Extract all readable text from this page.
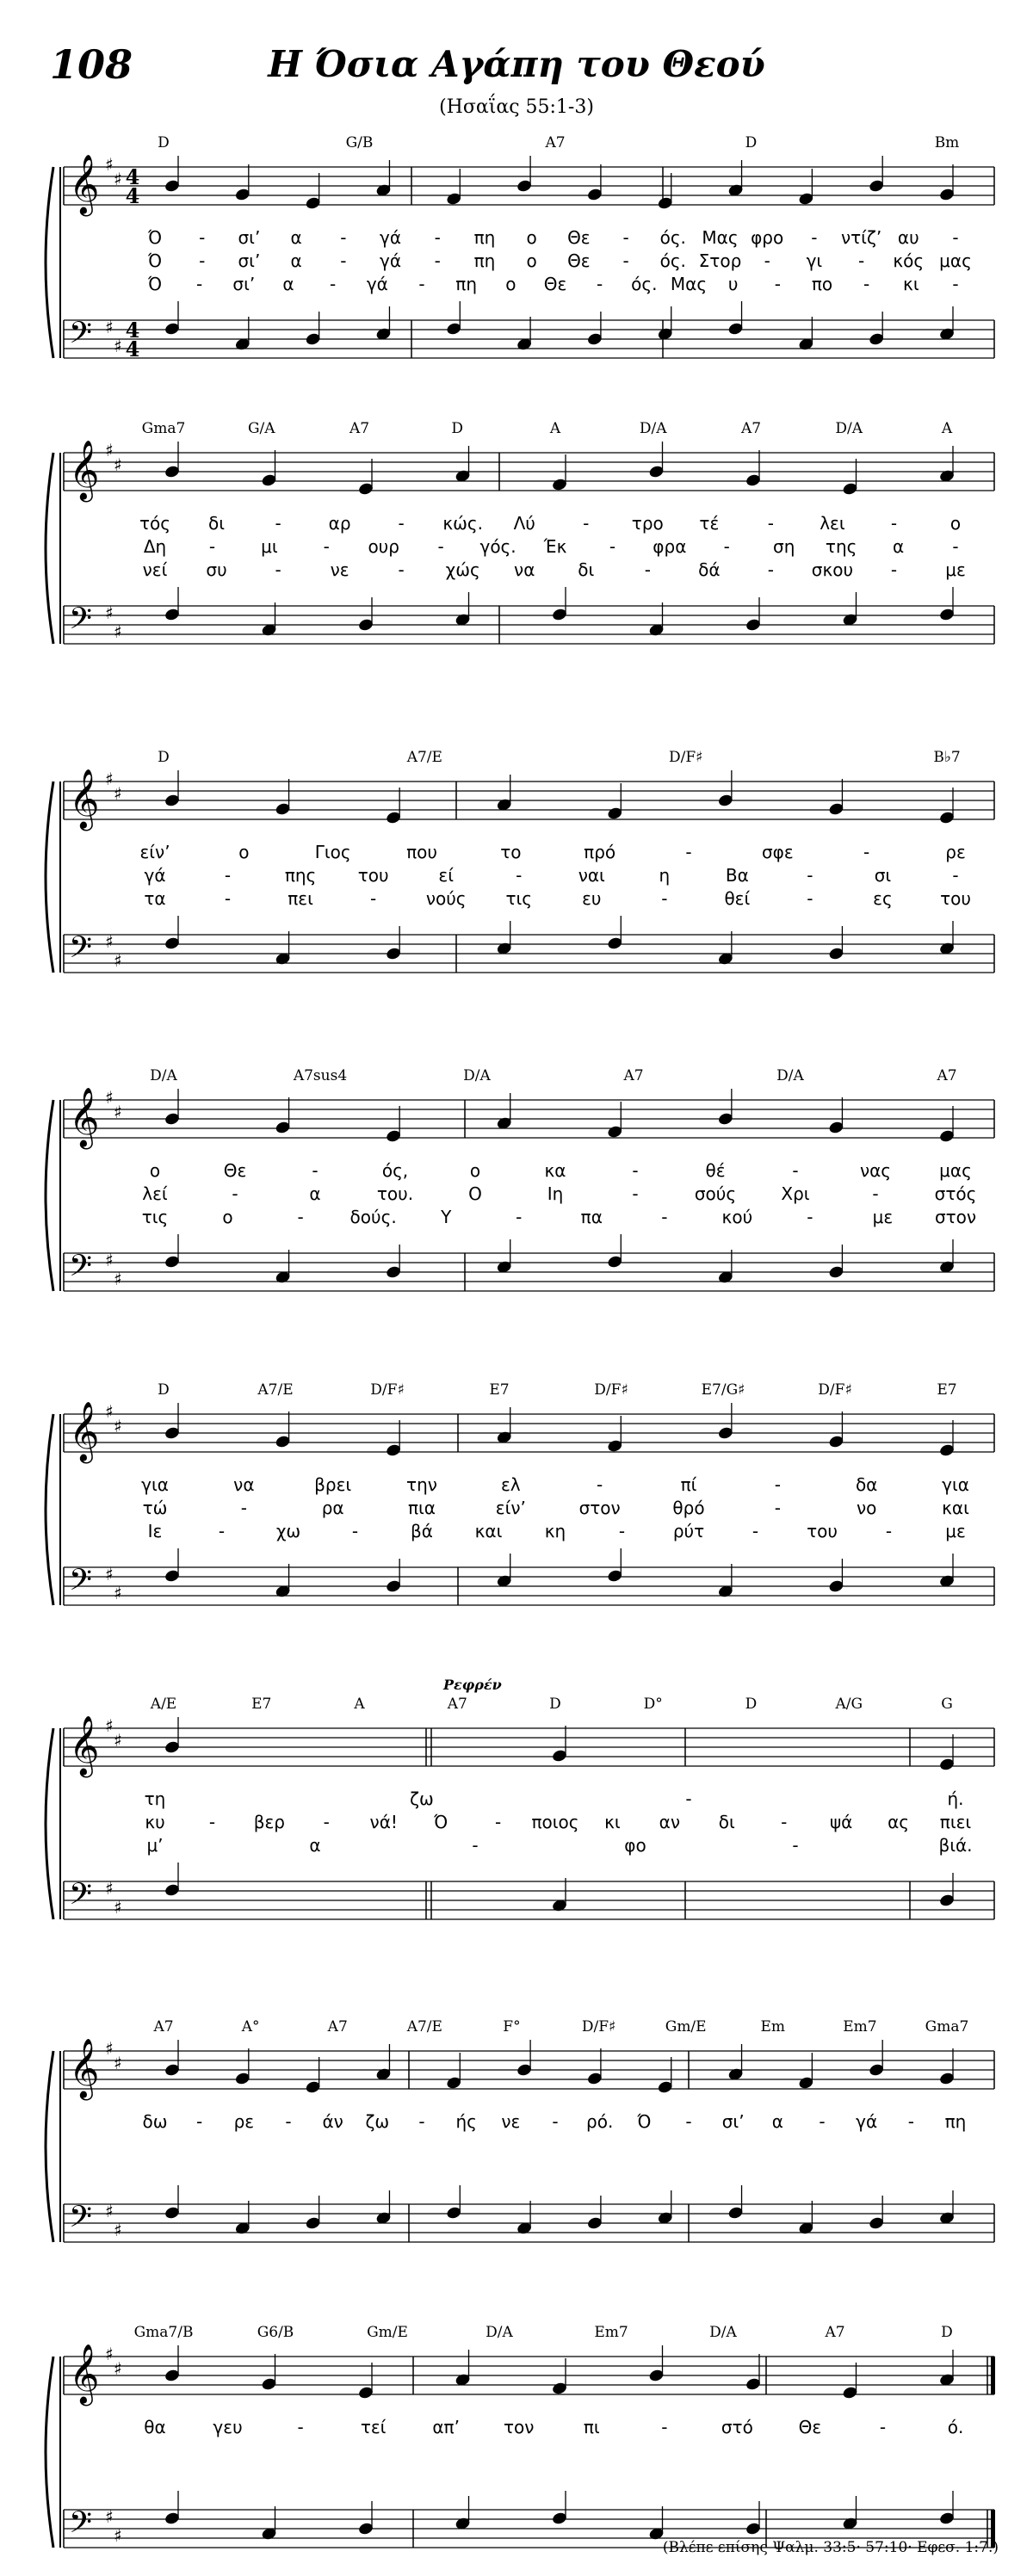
108	Η Όσια Αγάπη του Θεού
(Ησαΐας 55:1-3)
𝄞 ♯
♯ 4
4
𝄢 ♯
♯
4
4
D	G/B	A7	D	Bm
Ό - σι’ α - γά - πη ο Θε - ός. Μας φρο - ντίζ’ αυ -
Ό - σι’ α - γά - πη ο Θε - ός. Στορ - γι - κός μας
Ό - σι’ α - γά - πη ο Θε - ός. Μας υ - πο - κι -
𝄞 ♯
♯
𝄢 ♯
♯
Gma7	G/A	A7	D	A	D/A	A7	D/A	A
τός δι	-	αρ	- κώς. Λύ	- τρο τέ	-	λει	-	ο
Δη -	μι	- ουρ - γός. Έκ - φρα -	ση της α	-
νεί συ	-	νε	- χώς να δι	-	δά	- σκου -	με
𝄞 ♯
♯
𝄢 ♯
♯
D	A7/E	D/F♯	B♭7
είν’	ο	Γιος	που	το	πρό	-	σφε	-	ρε
γά	-	πης του	εί	-	ναι	η	Βα	-	σι	-
τα	-	πει	-	νούς τις	ευ	-	θεί	-	ες	του
𝄞 ♯
♯
𝄢 ♯
♯
D/A	A7sus4	D/A	A7	D/A	A7
ο	Θε	-	ός,	ο	κα	-	θέ	-	νας	μας
λεί	-	α	του.	Ο	Ιη	-	σούς	Χρι	-	στός
τις	ο	-	δούς.	Υ	-	πα	-	κού	-	με στον
𝄞 ♯
♯
𝄢 ♯
♯
D	A7/E	D/F♯	E7	D/F♯	E7/G♯	D/F♯	E7
για	να	βρει	την	ελ	-	πί	-	δα	για
τώ	-	ρα	πια	είν’	στον	θρό	-	νο	και
Ιε	-	χω	-	βά και κη	-	ρύτ	-	του	-	με
𝄞 ♯
♯
𝄢 ♯
♯
Ρεφρέν
A/E	E7	A	A7	D	D°	D	A/G	G
τη	ζω	-	ή.
κυ	- βερ - νά! Ό	- ποιος κι αν δι	- ψά ας πιει
μ’	α	-	φο	-	βιά.
𝄞 ♯
♯
𝄢 ♯
♯
A7	A°	A7	A7/E	F°	D/F♯	Gm/E	Em	Em7	Gma7
δω - ρε - άν ζω - ής νε - ρό. Ό - σι’ α - γά - πη
𝄞 ♯
♯
𝄢 ♯
♯
Gma7/B	G6/B	Gm/E	D/A	Em7	D/A	A7	D
θα	γευ	-	τεί	απ’	τον	πι	-	στό	Θε	-	ό.
(Βλέπε επίσης Ψαλμ. 33:5· 57:10· Εφεσ. 1:7.)
